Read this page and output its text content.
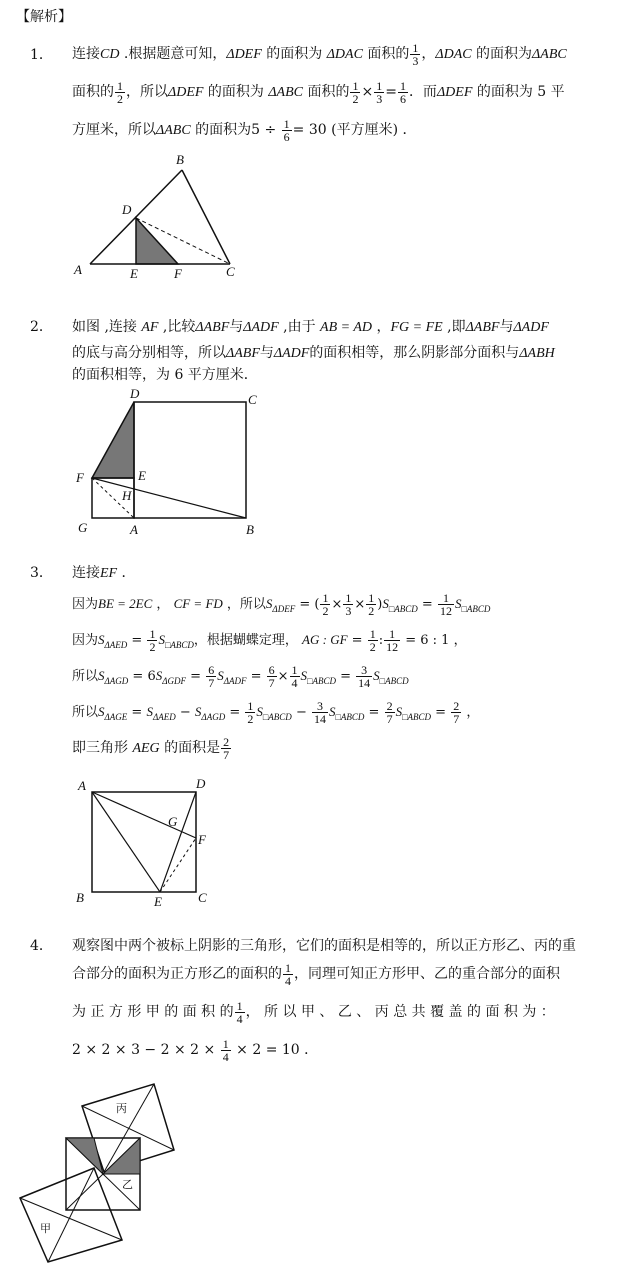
【解析】
1． 连接CD .根据题意可知，ΔDEF 的面积为 ΔDAC 面积的 $\frac{1}{3}$ ，ΔDAC 的面积为ΔABC
面积的 $\frac{1}{2}$ ，所以ΔDEF 的面积为 ΔABC 面积的 $\frac{1}{2} \times \frac{1}{3} = \frac{1}{6}$ ．而ΔDEF 的面积为 5 平
方厘米，所以ΔABC 的面积为$5 \div \frac{1}{6} = 30$ (平方厘米) ．
A
B
C
D
E	F
2． 如图 ,连接 AF ,比较ΔABF与ΔADF ,由于 AB = AD ，FG = FE ,即ΔABF与ΔADF
的底与高分别相等，所以ΔABF与ΔADF的面积相等，那么阴影部分面积与ΔABH
的面积相等，为 6 平方厘米．
D	C
F	E
H
G	A	B
3． 连接EF ．
因为BE = 2EC ， CF = FD ，所以$S_{\Delta DEF}$ = ( $\frac{1}{2} \times \frac{1}{3} \times \frac{1}{2} )S_{□ABCD} = \frac{1}{12} S_{□ABCD}$
因为$S_{\Delta AED} = \frac{1}{2} S_{□ABCD}$，根据蝴蝶定理， AG : GF = $\frac{1}{2}$ : $\frac{1}{12} = 6$ : 1 ，
所以$S_{\Delta AGD} = 6S_{\Delta GDF} = \frac{6}{7} S_{\Delta ADF} = \frac{6}{7} \times \frac{1}{4} S_{□ABCD} = \frac{3}{14} S_{□ABCD}$
所以$S_{\Delta AGE} = S_{\Delta AED} - S_{\Delta AGD} = \frac{1}{2} S_{□ABCD} - \frac{3}{14} S_{□ABCD} = \frac{2}{7} S_{□ABCD} = \frac{2}{7}$ ，
即三角形 AEG 的面积是 $\frac{2}{7}$
A	D
G
F
B	E	C
4． 观察图中两个被标上阴影的三角形，它们的面积是相等的，所以正方形乙、丙的重
合部分的面积为正方形乙的面积的 $\frac{1}{4}$ ，同理可知正方形甲、乙的重合部分的面积
为 正 方 形 甲 的 面 积 的 $\frac{1}{4}$ ， 所 以 甲 、 乙 、 丙 总 共 覆 盖 的 面 积 为 ：
$2 \times 2 \times 3 - 2 \times 2 \times \frac{1}{4} \times 2 = 10$ ．
丙
乙
甲
